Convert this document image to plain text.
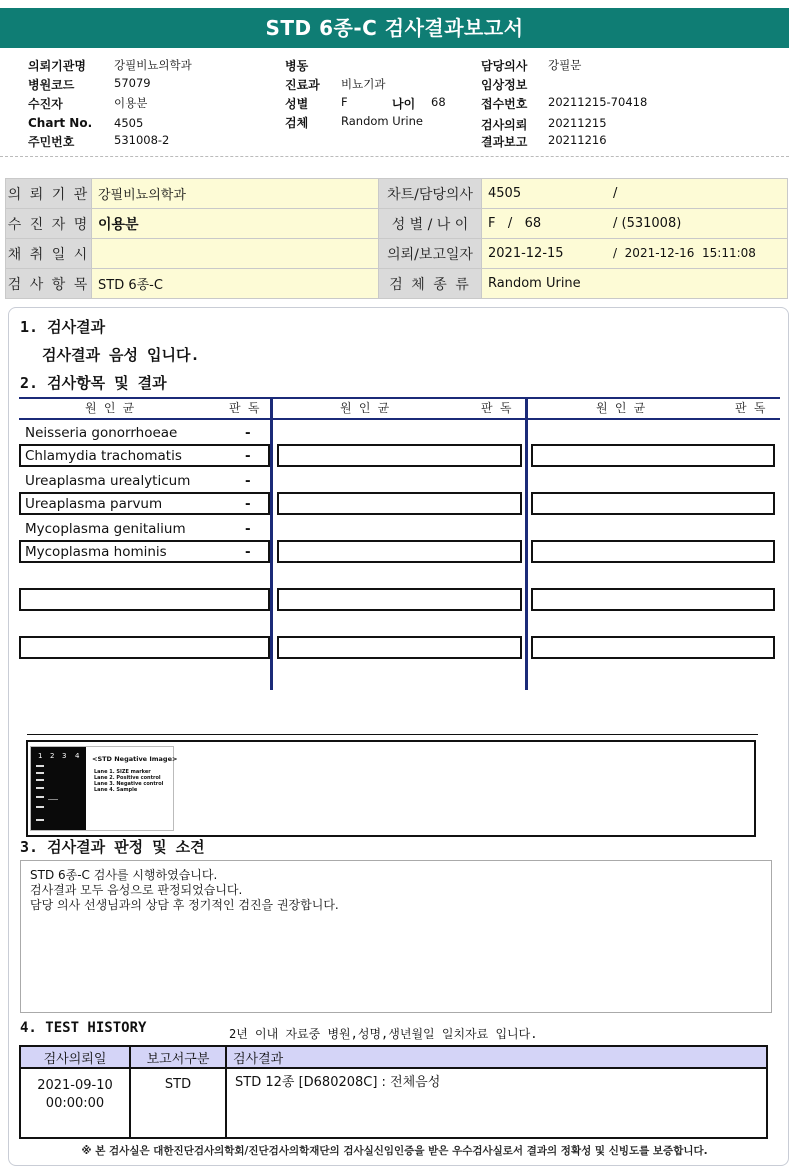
STD 6종-C 검사결과보고서
의뢰기관명 강필비뇨의학과
병원코드	57079
수진자	이용분
Chart No. 4505
주민번호	531008-2
병동
진료과 비뇨기과
성별	F	나이 68
검체	Random Urine
담당의사 강필문
임상정보
접수번호 20211215-70418
검사의뢰 20211215
결과보고 20211216
의 뢰 기 관	강필비뇨의학과	차트/담당의사	4505 /
수 진 자 명	이용분	성 별 / 나 이	F   /   68 / (531008)
채 취 일 시		의뢰/보고일자	2021-12-15 /  2021-12-16  15:11:08
검 사 항 목	STD 6종-C	검 체 종 류	Random Urine
1. 검사결과
검사결과 음성 입니다.
2. 검사항목 및 결과
원 인 균	판 독	원 인 균	판 독	원 인 균	판 독
Neisseria gonorrhoeae	-
Chlamydia trachomatis	-
Ureaplasma urealyticum	-
Ureaplasma parvum	-
Mycoplasma genitalium	-
Mycoplasma hominis	-
1 2 3 4 <STD Negative Image>
Lane 1. SIZE marker
Lane 2. Positive control
Lane 3. Negative control
Lane 4. Sample
3. 검사결과 판정 및 소견
STD 6종-C 검사를 시행하였습니다.
검사결과 모두 음성으로 판정되었습니다.
담당 의사 선생님과의 상담 후 정기적인 검진을 권장합니다.
4. TEST HISTORY	2년 이내 자료중 병원,성명,생년월일 일치자료 입니다.
검사의뢰일	보고서구분	검사결과

2021-09-10
00:00:00	STD	STD 12종 [D680208C] : 전체음성
※ 본 검사실은 대한진단검사의학회/진단검사의학재단의 검사실신임인증을 받은 우수검사실로서 결과의 정확성 및 신빙도를 보증합니다.
